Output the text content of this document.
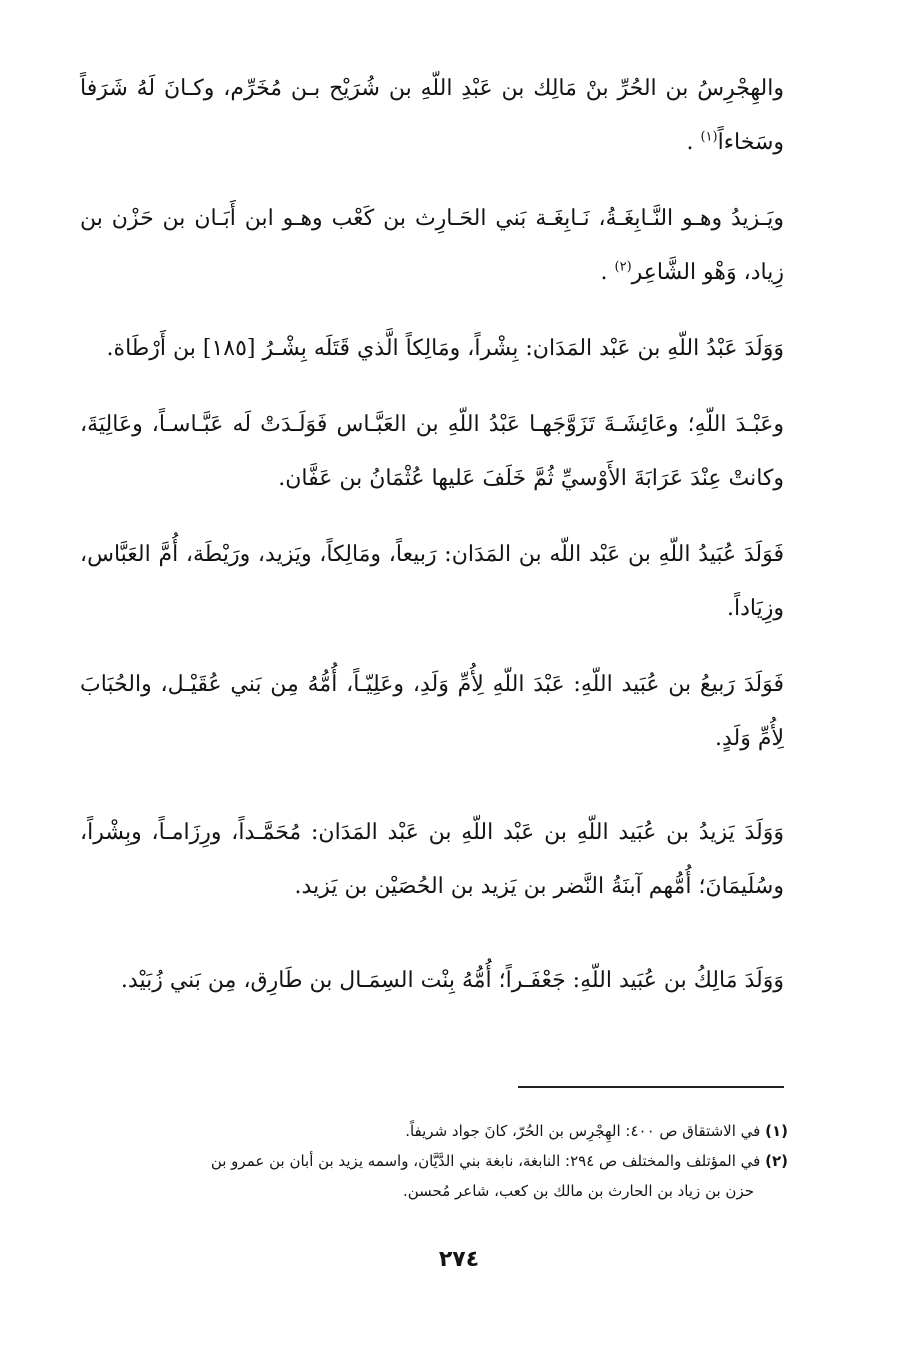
والهِجْرِسُ بن الحُرِّ بنْ مَالِك بن عَبْدِ اللّهِ بن شُرَيْح بـن مُخَرِّم، وكـانَ لَهُ شَرَفاً وسَخاءاً$^{(١)}$ .

ويَـزيدُ وهـو النَّـابِغَـةُ، نَـابِغَـة بَني الحَـارِث بن كَعْب وهـو ابن أَبَـان بن حَزْن بن زِياد، وَهْو الشَّاعِر$^{(٢)}$ .

وَوَلَدَ عَبْدُ اللّهِ بن عَبْد المَدَان: بِشْراً، ومَالِكاً الَّذي قَتَلَه بِشْـرُ [١٨٥] بن أَرْطَاة.

وعَبْـدَ اللّهِ؛ وعَائِشَـةَ تَزَوَّجَهـا عَبْدُ اللّهِ بن العَبَّـاس فَوَلَـدَتْ لَه عَبَّـاسـاً، وعَالِيَةَ، وكانتْ عِنْدَ عَرَابَةَ الأَوْسيِّ ثُمَّ خَلَفَ عَليها عُثْمَانُ بن عَفَّان.

فَوَلَدَ عُبَيدُ اللّهِ بن عَبْد اللّه بن المَدَان: رَبيعاً، ومَالِكاً، ويَزيد، ورَيْطَة، أُمَّ العَبَّاس، وزِيَاداً.

فَوَلَدَ رَبيعُ بن عُبَيد اللّهِ: عَبْدَ اللّهِ لِأُمِّ وَلَدِ، وعَلِيّـاً، أُمُّهُ مِن بَني عُقَيْـل، والحُبَابَ لِأُمِّ وَلَدٍ.

وَوَلَدَ يَزيدُ بن عُبَيد اللّهِ بن عَبْد اللّهِ بن عَبْد المَدَان: مُحَمَّـداً، ورِزَامـاً، وبِشْراً، وسُلَيمَانَ؛ أُمُّهم آبنَةُ النَّضر بن يَزيد بن الحُصَيْن بن يَزيد.

وَوَلَدَ مَالِكُ بن عُبَيد اللّهِ: جَعْفَـراً؛ أُمُّهُ بِنْت السِمَـال بن طَارِق، مِن بَني زُبَيْد.

(١) في الاشتقاق ص ٤٠٠: الهِجْرِس بن الحُرّ، كانَ جواد شريفاً.

(٢) في المؤتلف والمختلف ص ٢٩٤: النابغة، نابغة بني الدَّيَّان، واسمه يزيد بن أبان بن عمرو بن

حزن بن زياد بن الحارث بن مالك بن كعب، شاعر مُحسن.

٢٧٤
